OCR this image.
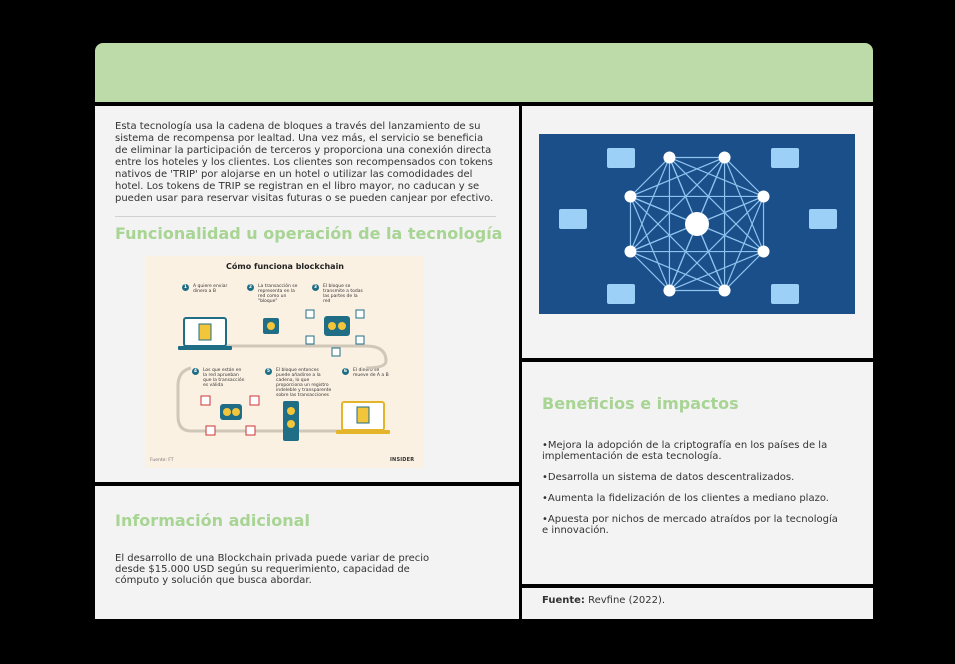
Esta tecnología usa la cadena de bloques a través del lanzamiento de su sistema de recompensa por lealtad. Una vez más, el servicio se beneficia de eliminar la participación de terceros y proporciona una conexión directa entre los hoteles y los clientes. Los clientes son recompensados con tokens nativos de 'TRIP' por alojarse en un hotel o utilizar las comodidades del hotel. Los tokens de TRIP se registran en el libro mayor, no caducan y se pueden usar para reservar visitas futuras o se pueden canjear por efectivo.
Funcionalidad u operación de la tecnología
Cómo funciona blockchain
1	A quiere enviar dinero a B
2	La transacción se representa en la red como un "bloque"
3	El bloque se transmite a todas las partes de la red
4	Los que están en la red aprueban que la transacción es válida
5	El bloque entonces puede añadirse a la cadena, lo que proporciona un registro indeleble y transparente sobre las transacciones
6	El dinero se mueve de A a B
Fuente: FT	INSIDER
Información adicional
El desarrollo de una Blockchain privada puede variar de precio desde $15.000 USD según su requerimiento, capacidad de cómputo y solución que busca abordar.
Beneficios e impactos
•Mejora la adopción de la criptografía en los países de la implementación de esta tecnología.
•Desarrolla un sistema de datos descentralizados.
•Aumenta la fidelización de los clientes a mediano plazo.
•Apuesta por nichos de mercado atraídos por la tecnología e innovación.
Fuente: Revfine (2022).
